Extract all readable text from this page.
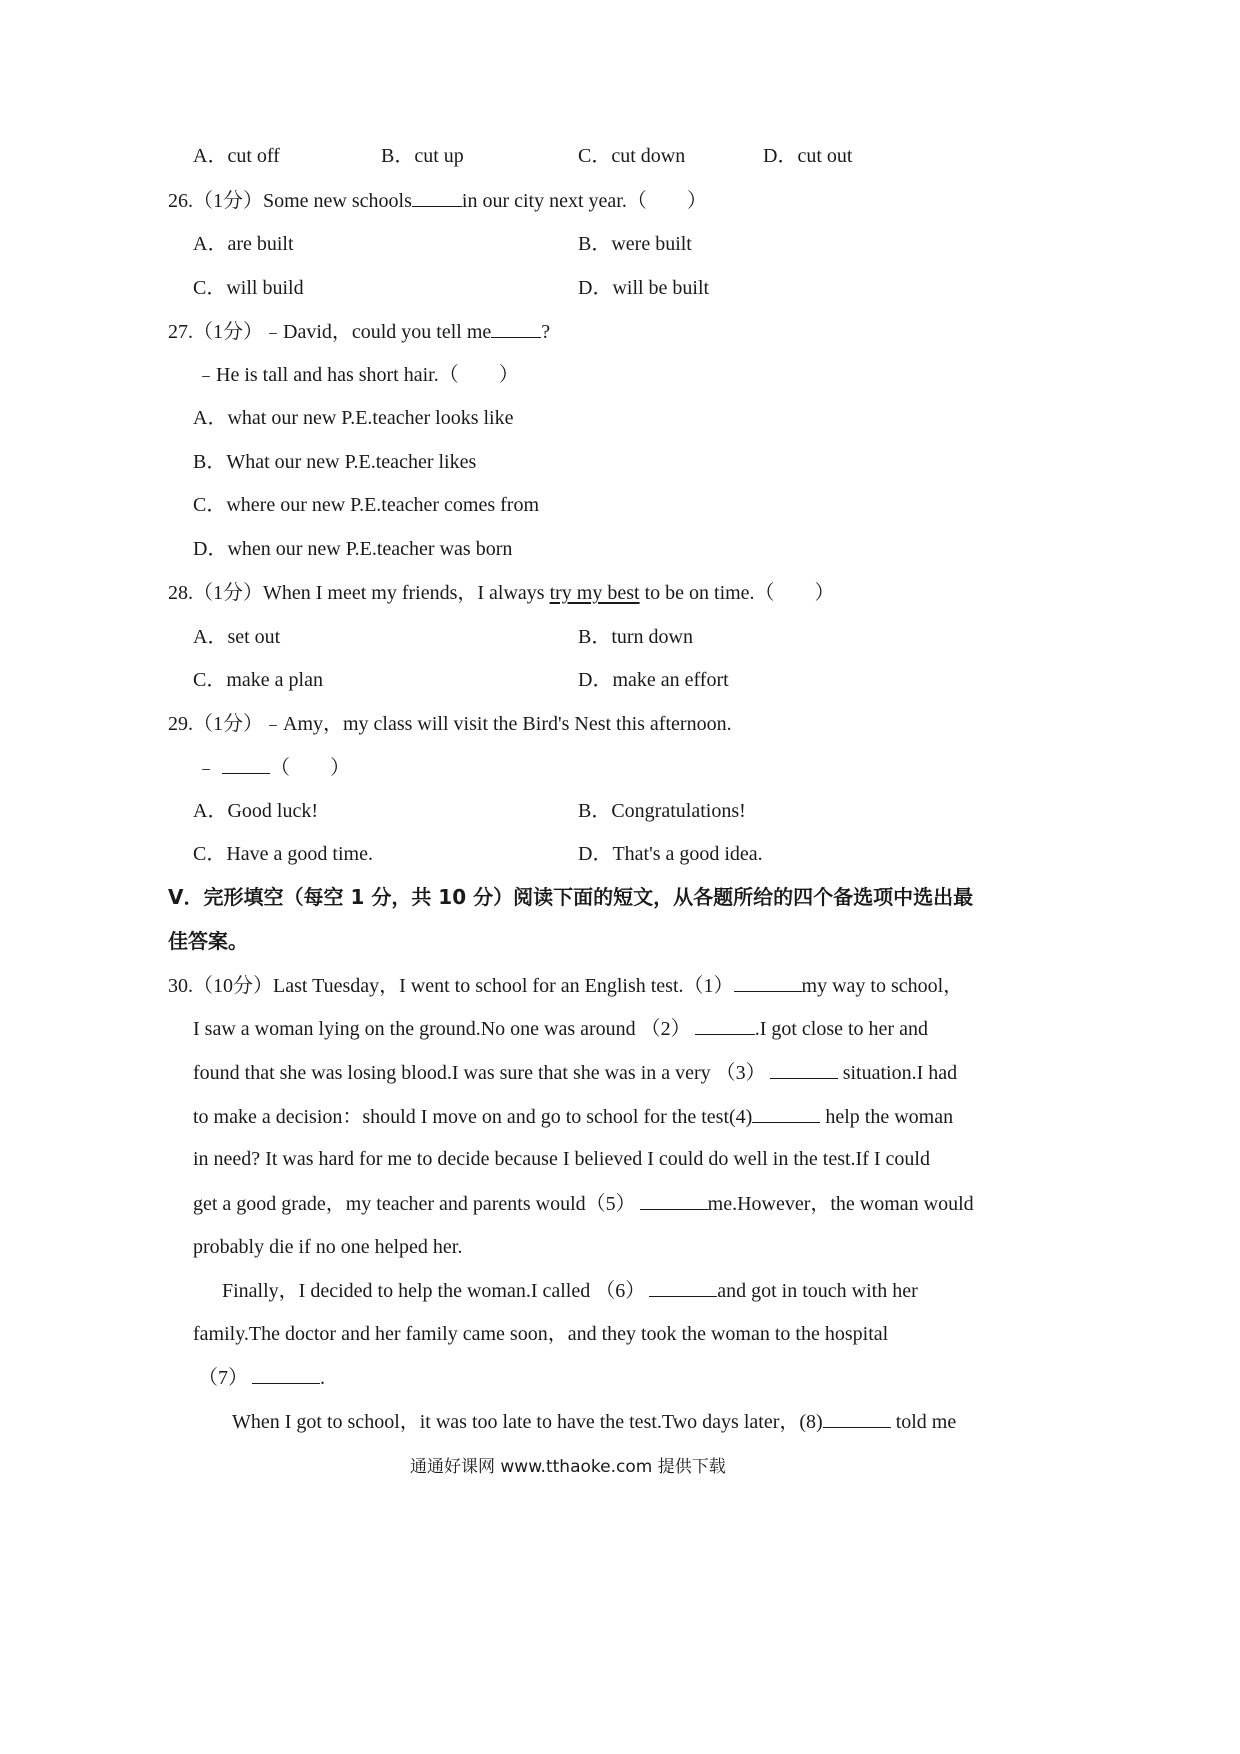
A．cut off	B．cut up	C．cut down	D．cut out
26.（1分）Some new schools	in our city next year.（　　）
A．are built	B．were built
C．will build	D．will be built
27.（1分）﹣David，could you tell me	?
﹣He is tall and has short hair.（　　）
A．what our new P.E.teacher looks like
B．What our new P.E.teacher likes
C．where our new P.E.teacher comes from
D．when our new P.E.teacher was born
28.（1分）When I meet my friends，I always try my best to be on time.（　　）
A．set out	B．turn down
C．make a plan	D．make an effort
29.（1分）﹣Amy，my class will visit the Bird's Nest this afternoon.
﹣	（　　）
A．Good luck!	B．Congratulations!
C．Have a good time.	D．That's a good idea.
V．完形填空（每空 1 分，共 10 分）阅读下面的短文，从各题所给的四个备选项中选出最
佳答案。
30.（10分）Last Tuesday，I went to school for an English test.（1）	my way to school，
I saw a woman lying on the ground.No one was around （2）	.I got close to her and
found that she was losing blood.I was sure that she was in a very （3）	situation.I had
to make a decision：should I move on and go to school for the test(4)	help the woman
in need? It was hard for me to decide because I believed I could do well in the test.If I could
get a good grade，my teacher and parents would（5）	me.However，the woman would
probably die if no one helped her.
Finally，I decided to help the woman.I called （6）	and got in touch with her
family.The doctor and her family came soon，and they took the woman to the hospital
（7）	.
When I got to school，it was too late to have the test.Two days later，(8)	told me
通通好课网 www.tthaoke.com 提供下载
